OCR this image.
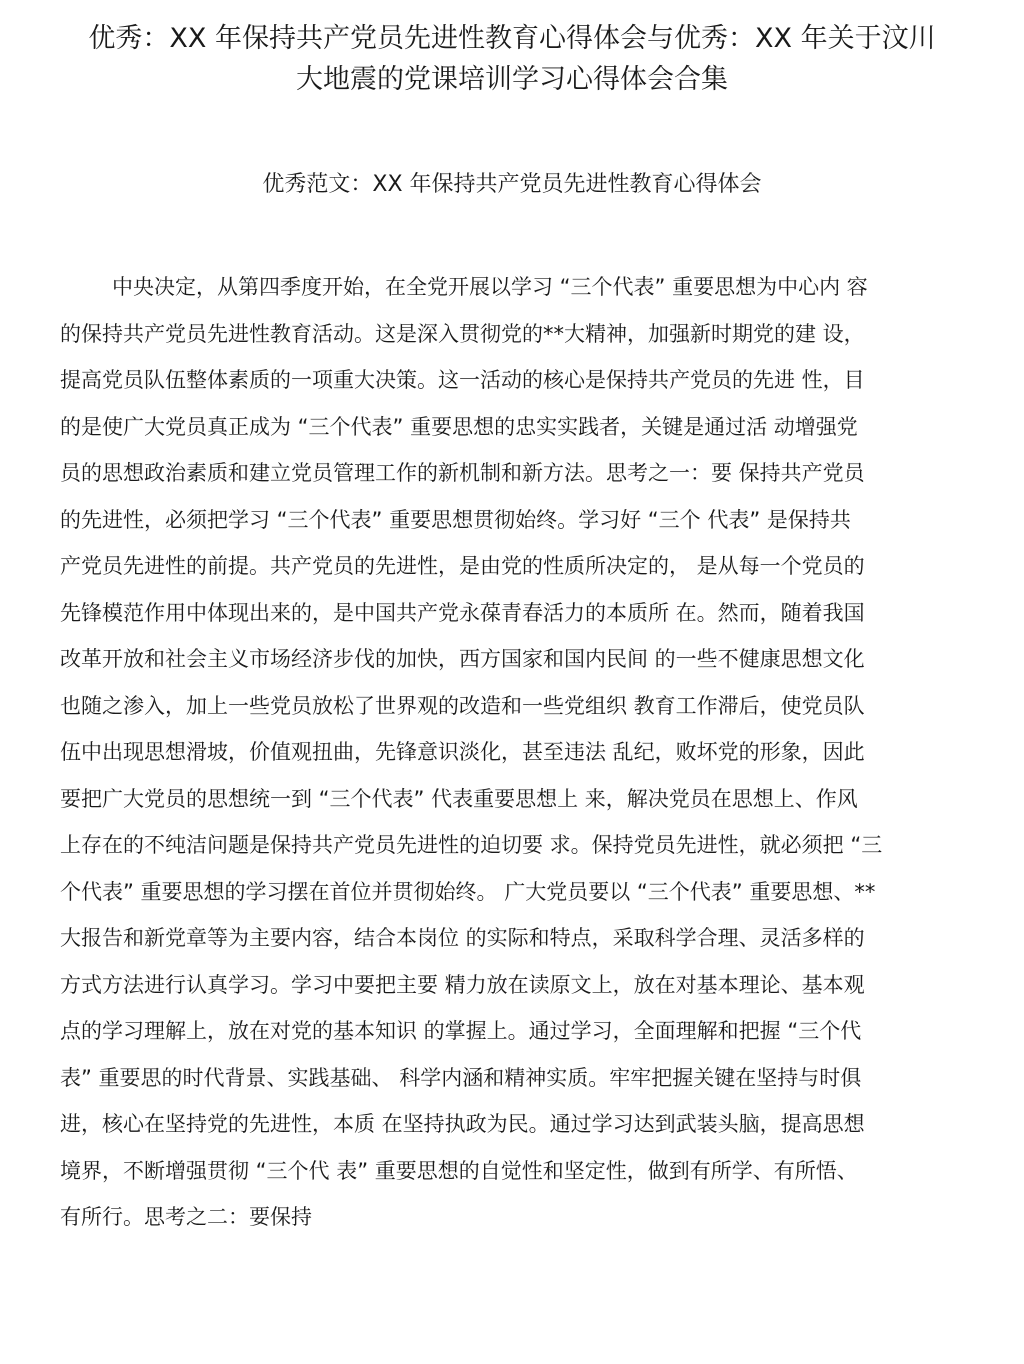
优秀：XX 年保持共产党员先进性教育心得体会与优秀：XX 年关于汶川
大地震的党课培训学习心得体会合集
优秀范文：XX 年保持共产党员先进性教育心得体会
中央决定，从第四季度开始，在全党开展以学习 “三个代表” 重要思想为中心内 容
的保持共产党员先进性教育活动。这是深入贯彻党的**大精神，加强新时期党的建 设，
提高党员队伍整体素质的一项重大决策。这一活动的核心是保持共产党员的先进 性，目
的是使广大党员真正成为 “三个代表” 重要思想的忠实实践者，关键是通过活 动增强党
员的思想政治素质和建立党员管理工作的新机制和新方法。思考之一：要 保持共产党员
的先进性，必须把学习 “三个代表” 重要思想贯彻始终。学习好 “三个 代表” 是保持共
产党员先进性的前提。共产党员的先进性，是由党的性质所决定的， 是从每一个党员的
先锋模范作用中体现出来的，是中国共产党永葆青春活力的本质所 在。然而，随着我国
改革开放和社会主义市场经济步伐的加快，西方国家和国内民间 的一些不健康思想文化
也随之渗入，加上一些党员放松了世界观的改造和一些党组织 教育工作滞后，使党员队
伍中出现思想滑坡，价值观扭曲，先锋意识淡化，甚至违法 乱纪，败坏党的形象，因此
要把广大党员的思想统一到 “三个代表” 代表重要思想上 来，解决党员在思想上、作风
上存在的不纯洁问题是保持共产党员先进性的迫切要 求。保持党员先进性，就必须把 “三
个代表” 重要思想的学习摆在首位并贯彻始终。 广大党员要以 “三个代表” 重要思想、**
大报告和新党章等为主要内容，结合本岗位 的实际和特点，采取科学合理、灵活多样的
方式方法进行认真学习。学习中要把主要 精力放在读原文上，放在对基本理论、基本观
点的学习理解上，放在对党的基本知识 的掌握上。通过学习，全面理解和把握 “三个代
表” 重要思的时代背景、实践基础、 科学内涵和精神实质。牢牢把握关键在坚持与时俱
进，核心在坚持党的先进性，本质 在坚持执政为民。通过学习达到武装头脑，提高思想
境界，不断增强贯彻 “三个代 表” 重要思想的自觉性和坚定性，做到有所学、有所悟、
有所行。思考之二：要保持
